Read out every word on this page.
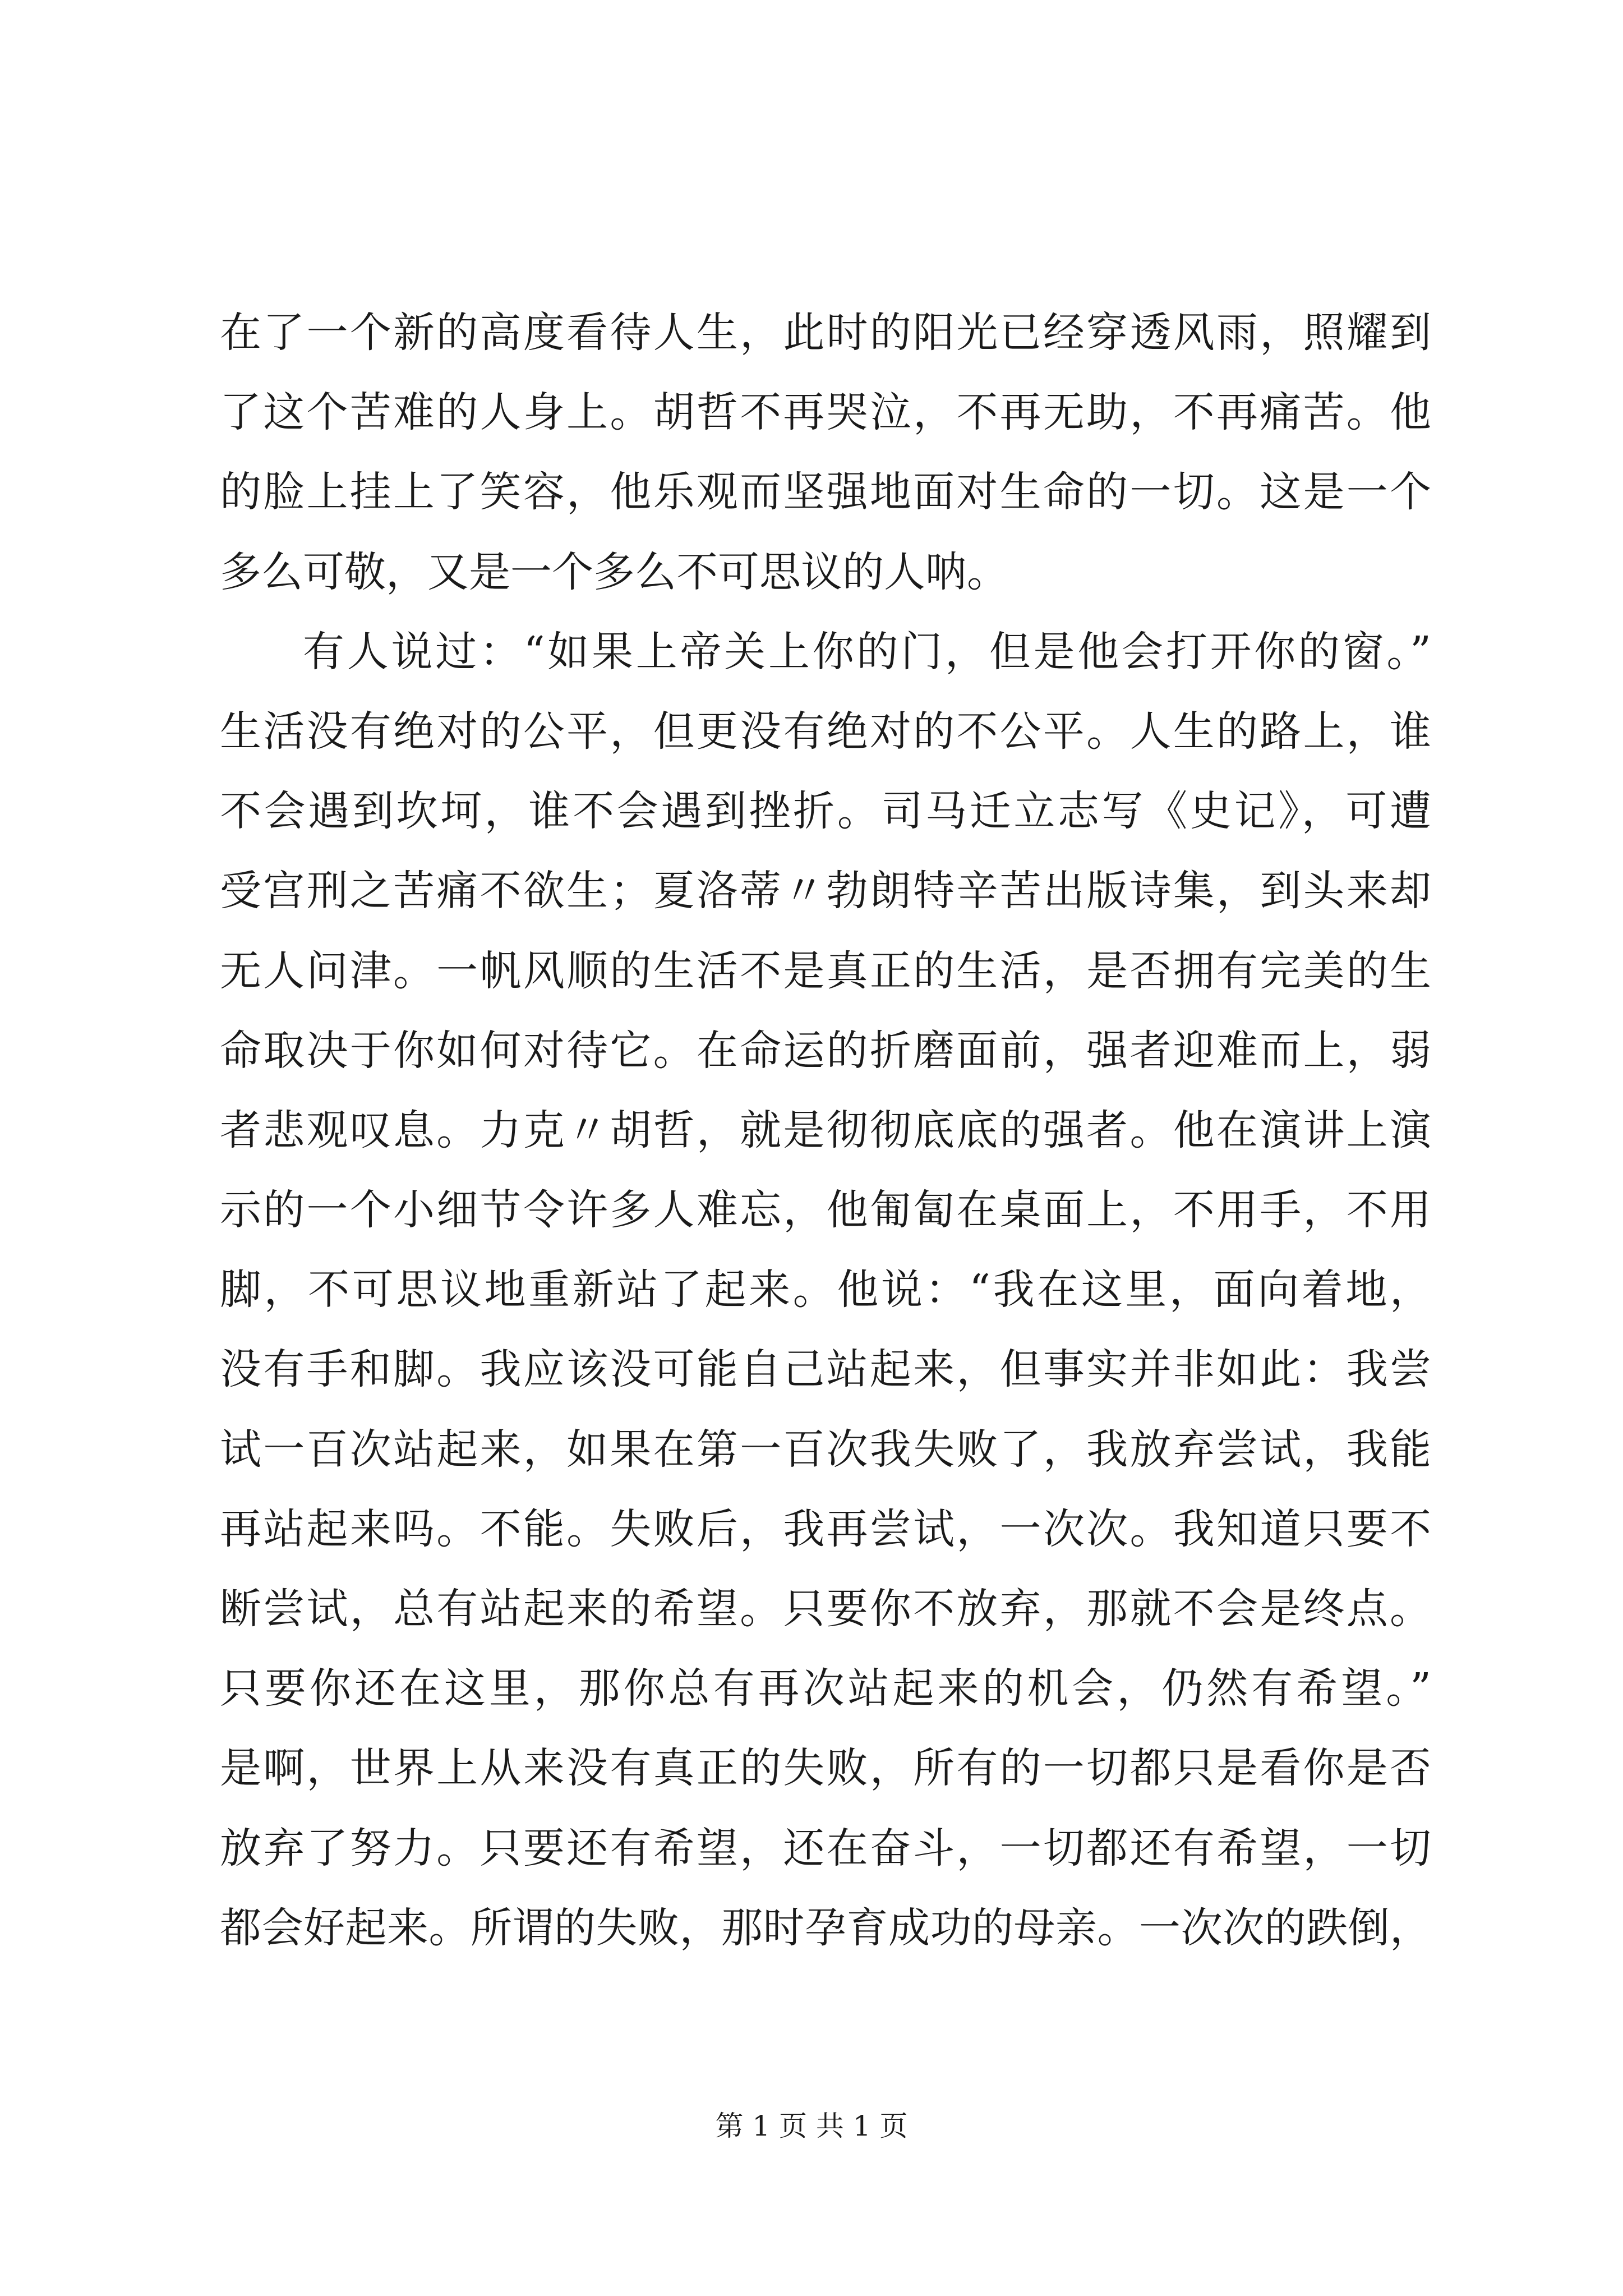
在了一个新的高度看待人生，此时的阳光已经穿透风雨，照耀到
了这个苦难的人身上。胡哲不再哭泣，不再无助，不再痛苦。他
的脸上挂上了笑容，他乐观而坚强地面对生命的一切。这是一个
多么可敬，又是一个多么不可思议的人呐。
有人说过：“如果上帝关上你的门，但是他会打开你的窗。”
生活没有绝对的公平，但更没有绝对的不公平。人生的路上，谁
不会遇到坎坷，谁不会遇到挫折。司马迁立志写《史记》，可遭
受宫刑之苦痛不欲生；夏洛蒂〃勃朗特辛苦出版诗集，到头来却
无人问津。一帆风顺的生活不是真正的生活，是否拥有完美的生
命取决于你如何对待它。在命运的折磨面前，强者迎难而上，弱
者悲观叹息。力克〃胡哲，就是彻彻底底的强者。他在演讲上演
示的一个小细节令许多人难忘，他匍匐在桌面上，不用手，不用
脚，不可思议地重新站了起来。他说：“我在这里，面向着地，
没有手和脚。我应该没可能自己站起来，但事实并非如此：我尝
试一百次站起来，如果在第一百次我失败了，我放弃尝试，我能
再站起来吗。不能。失败后，我再尝试，一次次。我知道只要不
断尝试，总有站起来的希望。只要你不放弃，那就不会是终点。
只要你还在这里，那你总有再次站起来的机会，仍然有希望。”
是啊，世界上从来没有真正的失败，所有的一切都只是看你是否
放弃了努力。只要还有希望，还在奋斗，一切都还有希望，一切
都会好起来。所谓的失败，那时孕育成功的母亲。一次次的跌倒，
第 1 页 共 1 页
